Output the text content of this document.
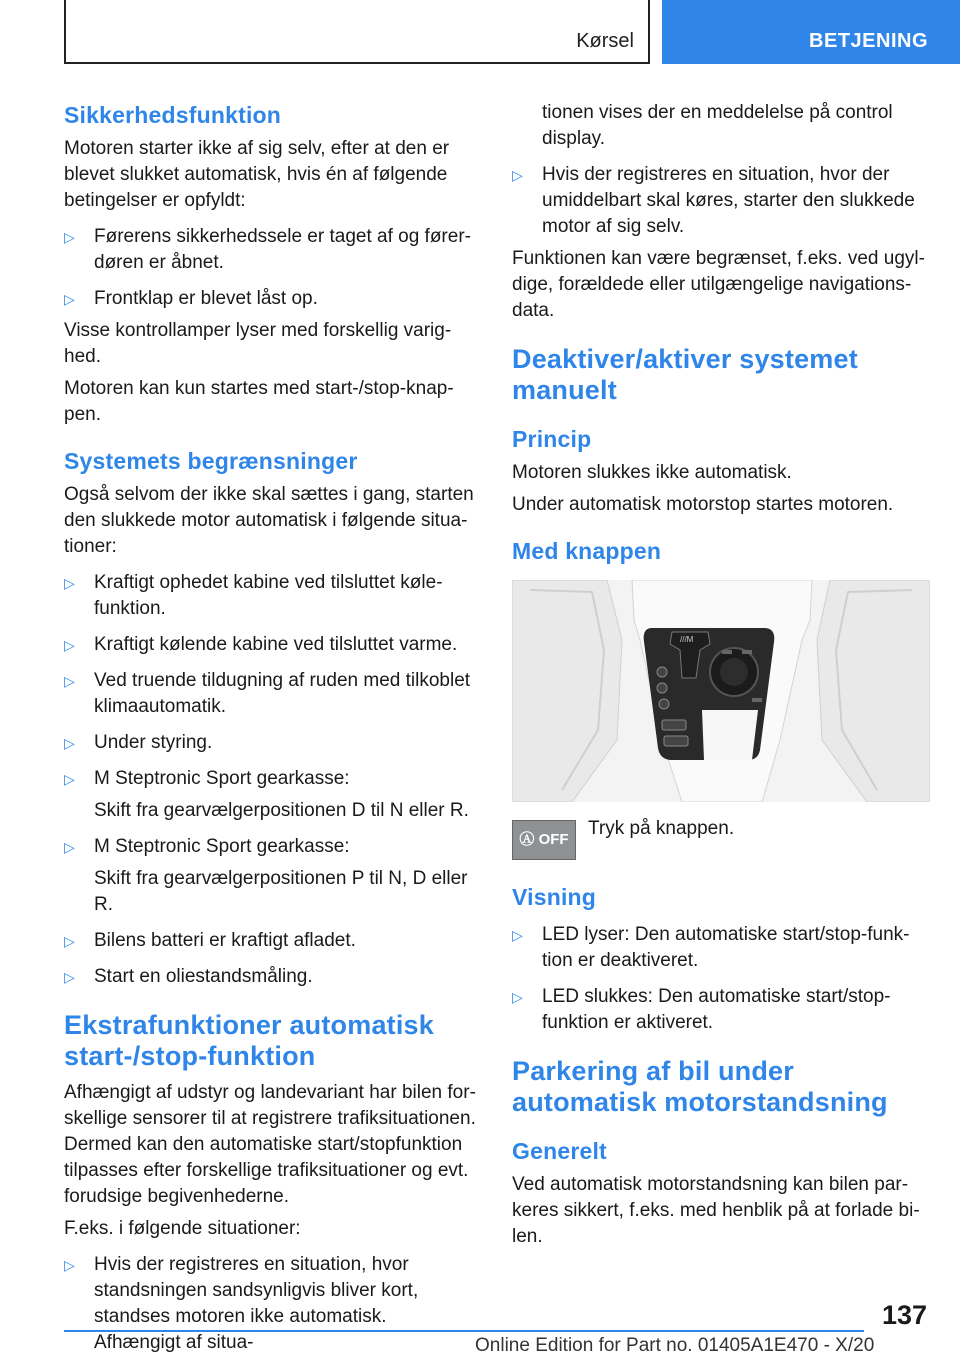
Kørsel	BETJENING
Sikkerhedsfunktion
Motoren starter ikke af sig selv, efter at den er blevet slukket automatisk, hvis én af følgende betingelser er opfyldt:
▷ Førerens sikkerhedssele er taget af og førerdøren er åbnet.
▷ Frontklap er blevet låst op.
Visse kontrollamper lyser med forskellig varighed.
Motoren kan kun startes med start-/stop-knappen.
Systemets begrænsninger
Også selvom der ikke skal sættes i gang, starten den slukkede motor automatisk i følgende situationer:
▷ Kraftigt ophedet kabine ved tilsluttet kølefunktion.
▷ Kraftigt kølende kabine ved tilsluttet varme.
▷ Ved truende tildugning af ruden med tilkoblet klimaautomatik.
▷ Under styring.
▷ M Steptronic Sport gearkasse:
Skift fra gearvælgerpositionen D til N eller R.
▷ M Steptronic Sport gearkasse:
Skift fra gearvælgerpositionen P til N, D eller R.
▷ Bilens batteri er kraftigt afladet.
▷ Start en oliestandsmåling.
Ekstrafunktioner automatisk start-/stop-funktion
Afhængigt af udstyr og landevariant har bilen forskellige sensorer til at registrere trafiksituationen. Dermed kan den automatiske start/stopfunktion tilpasses efter forskellige trafiksituationer og evt. forudsige begivenhederne.
F.eks. i følgende situationer:
▷ Hvis der registreres en situation, hvor standsningen sandsynligvis bliver kort, standses motoren ikke automatisk. Afhængigt af situa-
tionen vises der en meddelelse på control display.
▷ Hvis der registreres en situation, hvor der umiddelbart skal køres, starter den slukkede motor af sig selv.
Funktionen kan være begrænset, f.eks. ved ugyldige, forældede eller utilgængelige navigationsdata.
Deaktiver/aktiver systemet manuelt
Princip
Motoren slukkes ikke automatisk.
Under automatisk motorstop startes motoren.
Med knappen
///M
Ⓐ OFF
Tryk på knappen.
Visning
▷ LED lyser: Den automatiske start/stop-funktion er deaktiveret.
▷ LED slukkes: Den automatiske start/stop-funktion er aktiveret.
Parkering af bil under automatisk motorstandsning
Generelt
Ved automatisk motorstandsning kan bilen parkeres sikkert, f.eks. med henblik på at forlade bilen.
137
Online Edition for Part no. 01405A1E470 - X/20
